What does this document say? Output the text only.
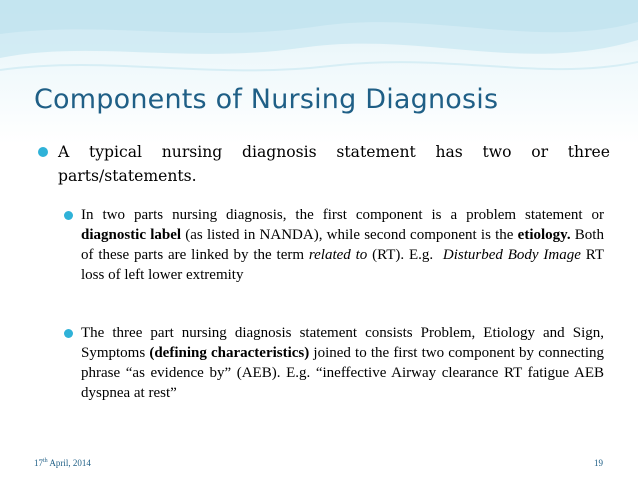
Components of Nursing Diagnosis
A typical nursing diagnosis statement has two or three parts/statements.
In two parts nursing diagnosis, the first component is a problem statement or diagnostic label (as listed in NANDA), while second component is the etiology. Both of these parts are linked by the term related to (RT). E.g.  Disturbed Body Image RT loss of left lower extremity
The three part nursing diagnosis statement consists Problem, Etiology and Sign, Symptoms (defining characteristics) joined to the first two component by connecting phrase “as evidence by” (AEB). E.g. “ineffective Airway clearance RT fatigue AEB dyspnea at rest”
17th April, 2014	19
